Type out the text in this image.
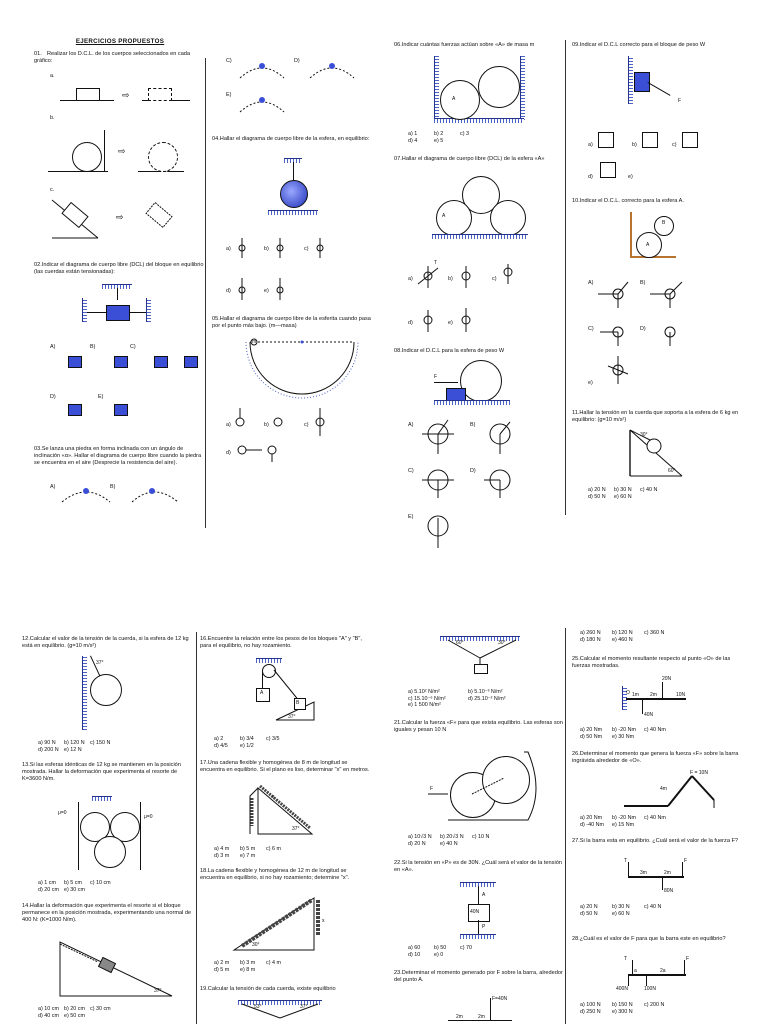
EJERCICIOS PROPUESTOS
01. Realizar los D.C.L. de los cuerpos seleccionados en cada gráfico:
a.
⇨
b.
⇨
c.
⇨
02.Indicar el diagrama de cuerpo libre (DCL) del bloque en equilibrio (las cuerdas están tensionadas):
A)	B)	C)
D)	E)
03.Se lanza una piedra en forma inclinada con un ángulo de inclinación «α». Hallar el diagrama de cuerpo libre cuando la piedra se encuentra en el aire (Desprecie la resistencia del aire).
A)	B)
C)	D)
E)
04.Hallar el diagrama de cuerpo libre de la esfera, en equilibrio:
a)	b)	c)
d)	e)
05.Hallar el diagrama de cuerpo libre de la esferita cuando pasa por el punto más bajo. (m—masa)
m
a)	b)	c)
d)
06.Indicar cuántas fuerzas actúan sobre «A» de masa m
A
a) 1	b) 2	c) 3
d) 4	e) 5
07.Hallar el diagrama de cuerpo libre (DCL) de la esfera «A»
A
a)	b)	c)
d)	e)
T
08.Indicar el D.C.L para la esfera de peso W
F
A)	B)
C)	D)
E)
09.Indicar el D.C.L correcto para el bloque de peso W
F
a)	b)	c)
d)	e)
10.Indicar el D.C.L. correcto para la esfera A.
B
A
A)	B)
C)	D)
e)
11.Hallar la tensión en la cuerda que soporta a la esfera de 6 kg en equilibrio: (g=10 m/s²)
30°
60°
a) 20 N	b) 30 N	c) 40 N
d) 50 N	e) 60 N
12.Calcular el valor de la tensión de la cuerda, si la esfera de 12 kg está en equilibrio. (g=10 m/s²)
37°
a) 90 N	b) 120 N c) 150 N
d) 200 N e) 12 N
13.Si las esferas idénticas de 12 kg se mantienen en la posición mostrada. Hallar la deformación que experimenta el resorte de K=3600 N/m.
μ=0
μ=0
a) 1 cm	b) 5 cm	c) 10 cm
d) 20 cm e) 30 cm
14.Hallar la deformación que experimenta el resorte si el bloque permanece en la posición mostrada, experimentando una normal de 400 N: (K=1000 N/m).
37°
a) 10 cm b) 20 cm c) 30 cm
d) 40 cm e) 50 cm
16.Encuentre la relación entre los pesos de los bloques "A" y "B", para el equilibrio, no hay rozamiento.
A
B
37°
a) 2	b) 3/4	c) 3/5
d) 4/5	e) 1/2
17.Una cadena flexible y homogénea de 8 m de longitud se encuentra en equilibrio. Si el plano es liso, determinar "x" en metros.
x
37°
a) 4 m	b) 5 m	c) 6 m
d) 3 m	e) 7 m
18.La cadena flexible y homogénea de 12 m de longitud se encuentra en equilibrio, si no hay rozamiento; determine "x".
x
30°
a) 2 m	b) 3 m	c) 4 m
d) 5 m	e) 8 m
19.Calcular la tensión de cada cuerda, existe equilibrio
53°	37°
60°	30°
a) 5.10² N/m²	b) 5.10⁻³ N/m²
c) 15.10⁻⁶ N/m²	d) 25.10⁻² N/m²
e) 1 500 N/m²
21.Calcular la fuerza «F» para que exista equilibrio. Las esferas son iguales y pesan 10 N
F
a) 10√3 N	b) 20√3 N	c) 10 N
d) 20 N	e) 40 N
22.Si la tensión en «P» es de 30N. ¿Cuál será el valor de la tensión en «A».
A
40N
P
a) 60	b) 50	c) 70
d) 10	e) 0
23.Determinar el momento generado por F sobre la barra, alrededor del punto A.
F=40N
2m	2m
a) 260 N	b) 120 N	c) 360 N
d) 180 N	e) 460 N
25.Calcular el momento resultante respecto al punto «O» de las fuerzas mostradas.
20N
10N
40N
1m 2m
O
a) 20 Nm	b) -20 Nm	c) 40 Nm
d) 50 Nm	e) 30 Nm
26.Determinar el momento que genera la fuerza «F» sobre la barra ingrávida alrededor de «O».
F = 10N
4m
a) 20 Nm	b) -20 Nm	c) 40 Nm
d) -40 Nm	e) 15 Nm
27.Si la barra esta en equilibrio. ¿Cuál será el valor de la fuerza F?
T	F
3m	2m
80N
a) 20 N	b) 30 N	c) 40 N
d) 50 N	e) 60 N
28.¿Cuál es el valor de F para que la barra este en equilibrio?
T	F
a	2a
400N	100N
a) 100 N	b) 150 N	c) 200 N
d) 250 N	e) 300 N
